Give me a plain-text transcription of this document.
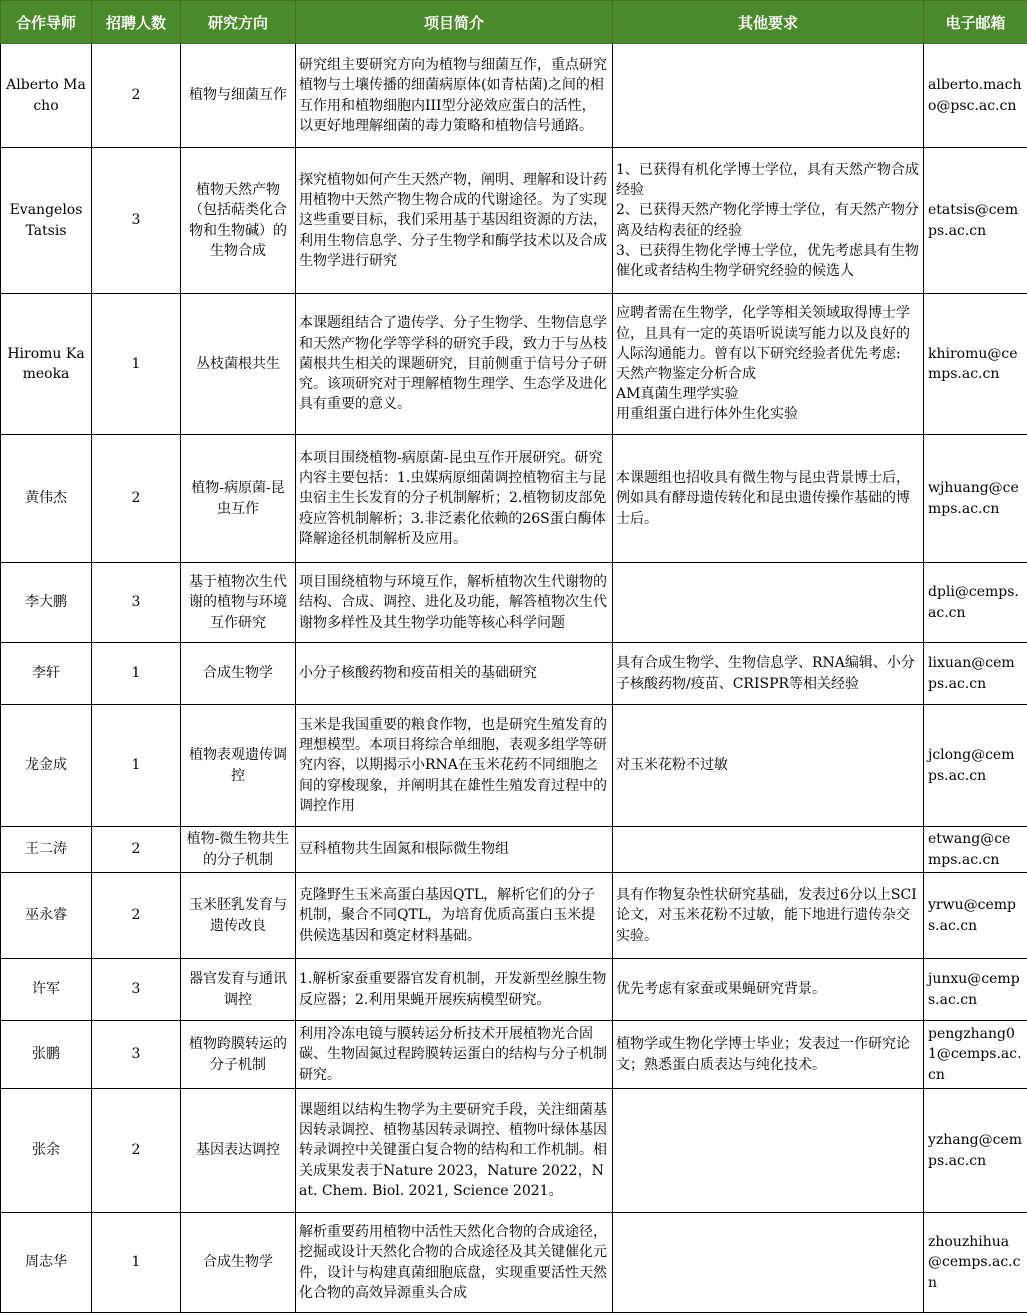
合作导师	招聘人数	研究方向	项目简介	其他要求	电子邮箱
Alberto Macho	2	植物与细菌互作	研究组主要研究方向为植物与细菌互作，重点研究植物与土壤传播的细菌病原体(如青枯菌)之间的相互作用和植物细胞内III型分泌效应蛋白的活性，以更好地理解细菌的毒力策略和植物信号通路。		alberto.macho@psc.ac.cn
Evangelos Tatsis	3	植物天然产物（包括萜类化合物和生物碱）的生物合成	探究植物如何产生天然产物，阐明、理解和设计药用植物中天然产物生物合成的代谢途径。为了实现这些重要目标，我们采用基于基因组资源的方法，利用生物信息学、分子生物学和酶学技术以及合成生物学进行研究	1、已获得有机化学博士学位，具有天然产物合成经验
2、已获得天然产物化学博士学位，有天然产物分离及结构表征的经验
3、已获得生物化学博士学位，优先考虑具有生物催化或者结构生物学研究经验的候选人	etatsis@cemps.ac.cn
Hiromu Kameoka	1	丛枝菌根共生	本课题组结合了遗传学、分子生物学、生物信息学和天然产物化学等学科的研究手段，致力于与丛枝菌根共生相关的课题研究，目前侧重于信号分子研究。该项研究对于理解植物生理学、生态学及进化具有重要的意义。	应聘者需在生物学，化学等相关领域取得博士学位，且具有一定的英语听说读写能力以及良好的人际沟通能力。曾有以下研究经验者优先考虑:
天然产物鉴定分析合成
AM真菌生理学实验
用重组蛋白进行体外生化实验	khiromu@cemps.ac.cn
黄伟杰	2	植物-病原菌-昆虫互作	本项目围绕植物-病原菌-昆虫互作开展研究。研究内容主要包括：1.虫媒病原细菌调控植物宿主与昆虫宿主生长发育的分子机制解析；2.植物韧皮部免疫应答机制解析；3.非泛素化依赖的26S蛋白酶体降解途径机制解析及应用。	本课题组也招收具有微生物与昆虫背景博士后，例如具有酵母遗传转化和昆虫遗传操作基础的博士后。	wjhuang@cemps.ac.cn
李大鹏	3	基于植物次生代谢的植物与环境互作研究	项目围绕植物与环境互作，解析植物次生代谢物的结构、合成、调控、进化及功能，解答植物次生代谢物多样性及其生物学功能等核心科学问题		dpli@cemps.ac.cn
李轩	1	合成生物学	小分子核酸药物和疫苗相关的基础研究	具有合成生物学、生物信息学、RNA编辑、小分子核酸药物/疫苗、CRISPR等相关经验	lixuan@cemps.ac.cn
龙金成	1	植物表观遗传调控	玉米是我国重要的粮食作物，也是研究生殖发育的理想模型。本项目将综合单细胞，表观多组学等研究内容，以期揭示小RNA在玉米花药不同细胞之间的穿梭现象，并阐明其在雄性生殖发育过程中的调控作用	对玉米花粉不过敏	jclong@cemps.ac.cn
王二涛	2	植物-微生物共生的分子机制	豆科植物共生固氮和根际微生物组		etwang@cemps.ac.cn
巫永睿	2	玉米胚乳发育与遗传改良	克隆野生玉米高蛋白基因QTL，解析它们的分子机制，聚合不同QTL，为培育优质高蛋白玉米提供候选基因和奠定材料基础。	具有作物复杂性状研究基础，发表过6分以上SCI论文，对玉米花粉不过敏，能下地进行遗传杂交实验。	yrwu@cemps.ac.cn
许军	3	器官发育与通讯调控	1.解析家蚕重要器官发育机制，开发新型丝腺生物反应器；2.利用果蝇开展疾病模型研究。	优先考虑有家蚕或果蝇研究背景。	junxu@cemps.ac.cn
张鹏	3	植物跨膜转运的分子机制	利用冷冻电镜与膜转运分析技术开展植物光合固碳、生物固氮过程跨膜转运蛋白的结构与分子机制研究。	植物学或生物化学博士毕业；发表过一作研究论文；熟悉蛋白质表达与纯化技术。	pengzhang01@cemps.ac.cn
张余	2	基因表达调控	课题组以结构生物学为主要研究手段，关注细菌基因转录调控、植物基因转录调控、植物叶绿体基因转录调控中关键蛋白复合物的结构和工作机制。相关成果发表于Nature 2023，Nature 2022，Nat. Chem. Biol. 2021, Science 2021。		yzhang@cemps.ac.cn
周志华	1	合成生物学	解析重要药用植物中活性天然化合物的合成途径，挖掘或设计天然化合物的合成途径及其关键催化元件，设计与构建真菌细胞底盘，实现重要活性天然化合物的高效异源重头合成		zhouzhihua@cemps.ac.cn
